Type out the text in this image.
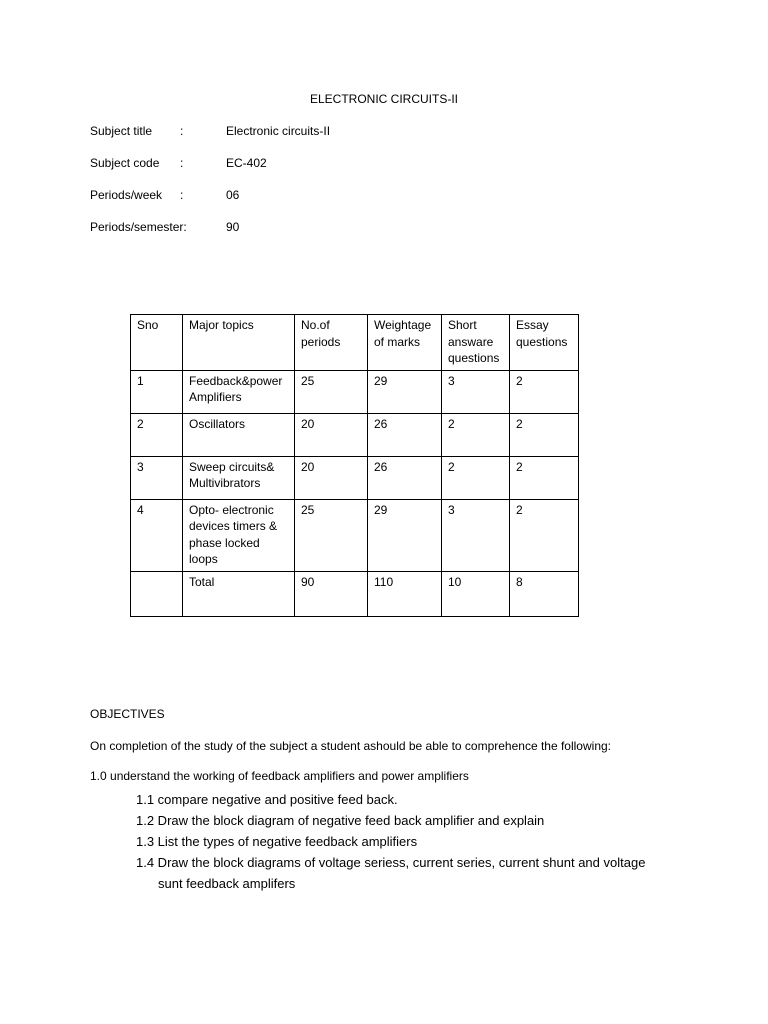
ELECTRONIC CIRCUITS-II
Subject title :	Electronic circuits-II
Subject code :	EC-402
Periods/week :	06
Periods/semester:	90
Sno	Major topics	No.of periods	Weightage of marks	Short answare questions	Essay questions
1	Feedback&power Amplifiers	25	29	3	2
2	Oscillators	20	26	2	2
3	Sweep circuits& Multivibrators	20	26	2	2
4	Opto- electronic devices timers & phase locked loops	25	29	3	2
	Total	90	110	10	8
OBJECTIVES
On completion of the study of the subject a student ashould be able to comprehence the following:
1.0 understand the working of feedback amplifiers and power amplifiers
1.1 compare negative and positive feed back.
1.2 Draw the block diagram of negative feed back amplifier and explain
1.3 List the types of negative feedback amplifiers
1.4 Draw the block diagrams of voltage seriess, current series, current shunt and voltage
sunt feedback amplifers
